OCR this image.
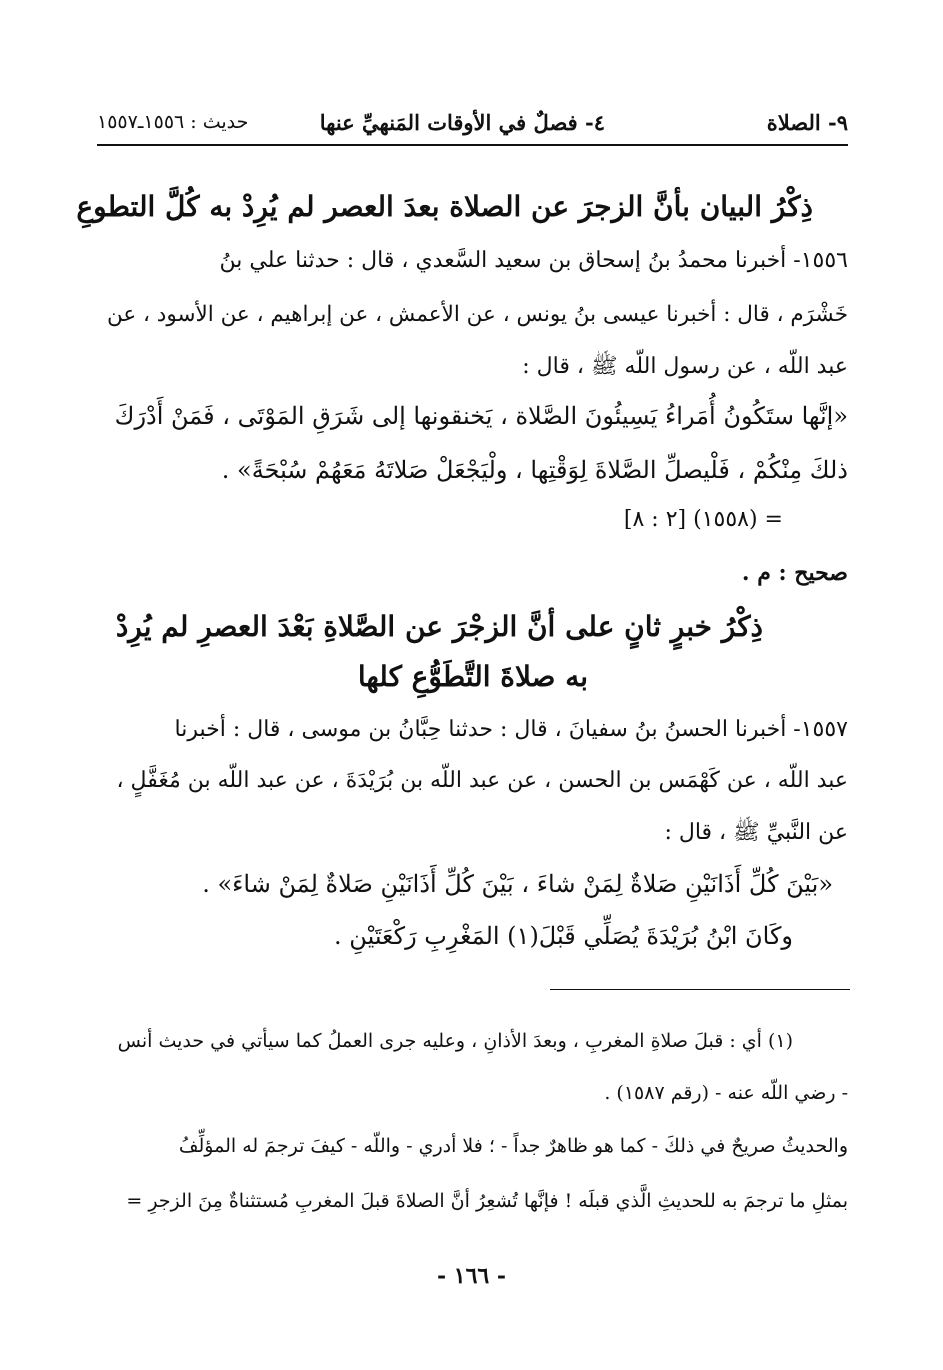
٩- الصلاة
٤- فصلٌ في الأوقات المَنهيِّ عنها
حديث : ١٥٥٦ـ١٥٥٧
ذِكْرُ البيان بأنَّ الزجرَ عن الصلاة بعدَ العصر لم يُرِدْ به كُلَّ التطوعِ
١٥٥٦- أخبرنا محمدُ بنُ إسحاق بن سعيد السَّعدي ، قال : حدثنا علي بنُ
خَشْرَم ، قال : أخبرنا عيسى بنُ يونس ، عن الأعمش ، عن إبراهيم ، عن الأسود ، عن
عبد اللّه ، عن رسول اللّه ﷺ ، قال :
«إنَّها ستَكُونُ أُمَراءُ يَسِيئُونَ الصَّلاة ، يَخنقونها إلى شَرَقِ المَوْتَى ، فَمَنْ أَدْرَكَ
ذلكَ مِنْكُمْ ، فَلْيصلِّ الصَّلاةَ لِوَقْتِها ، ولْيَجْعَلْ صَلاتَهُ مَعَهُمْ سُبْحَةً» .
= (١٥٥٨) [٢ : ٨]
صحيح : م .
ذِكْرُ خبرٍ ثانٍ على أنَّ الزجْرَ عن الصَّلاةِ بَعْدَ العصرِ لم يُرِدْ
به صلاةَ التَّطَوُّعِ كلها
١٥٥٧- أخبرنا الحسنُ بنُ سفيانَ ، قال : حدثنا حِبَّانُ بن موسى ، قال : أخبرنا
عبد اللّه ، عن كَهْمَس بن الحسن ، عن عبد اللّه بن بُرَيْدَةَ ، عن عبد اللّه بن مُغَفَّلٍ ،
عن النَّبيِّ ﷺ ، قال :
«بَيْنَ كُلِّ أَذَانَيْنِ صَلاةٌ لِمَنْ شاءَ ، بَيْنَ كُلِّ أَذَانَيْنِ صَلاةٌ لِمَنْ شاءَ» .
وكَانَ ابْنُ بُرَيْدَةَ يُصَلِّي قَبْلَ(١) المَغْرِبِ رَكْعَتَيْنِ .
(١) أي : قبلَ صلاةِ المغربِ ، وبعدَ الأذانِ ، وعليه جرى العملُ كما سيأتي في حديث أنس
- رضي اللّه عنه - (رقم ١٥٨٧) .
والحديثُ صريحٌ في ذلكَ - كما هو ظاهرٌ جداً - ؛ فلا أدري - واللّه - كيفَ ترجمَ له المؤلِّفُ
بمثلِ ما ترجمَ به للحديثِ الَّذي قبلَه ! فإنَّها تُشعِرُ أنَّ الصلاةَ قبلَ المغربِ مُستثناةٌ مِنَ الزجرِ =
- ١٦٦ -
